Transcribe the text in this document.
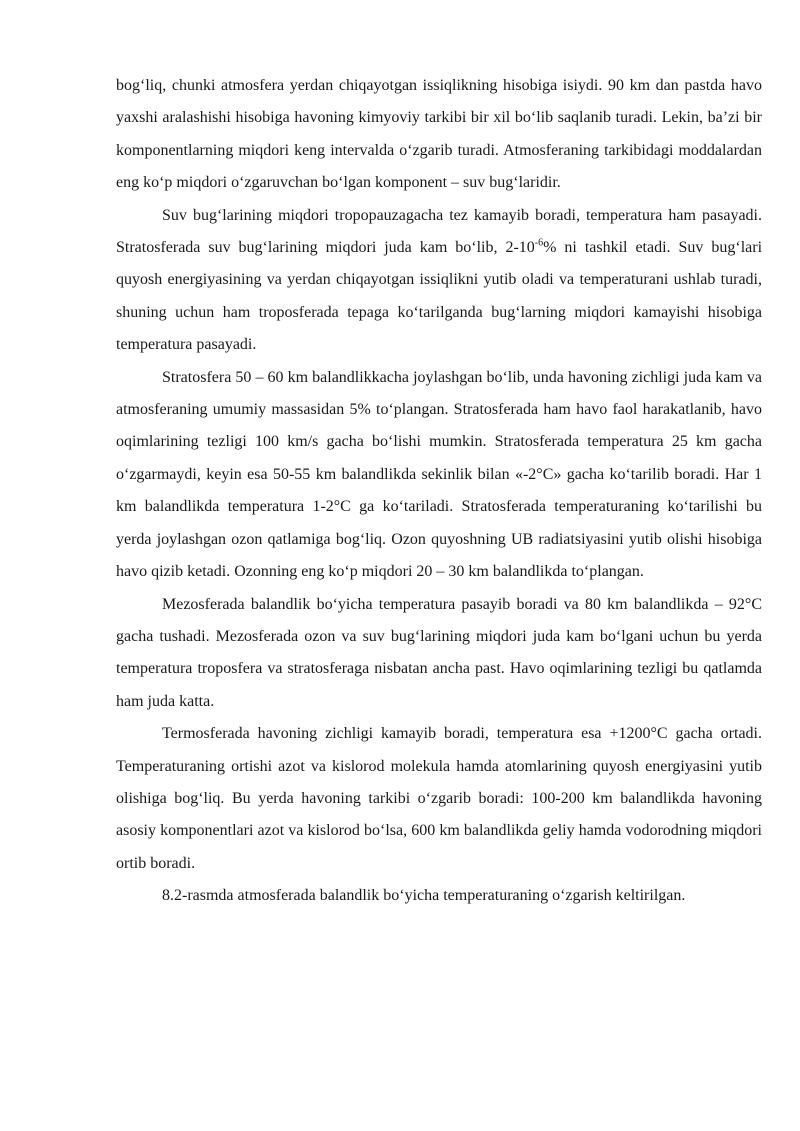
bog‘liq, chunki atmosfera yerdan chiqayotgan issiqlikning hisobiga isiydi. 90 km dan pastda havo yaxshi aralashishi hisobiga havoning kimyoviy tarkibi bir xil bo‘lib saqlanib turadi. Lekin, ba’zi bir komponentlarning miqdori keng intervalda o‘zgarib turadi. Atmosferaning tarkibidagi moddalardan eng ko‘p miqdori o‘zgaruvchan bo‘lgan komponent – suv bug‘laridir.

Suv bug‘larining miqdori tropopauzagacha tez kamayib boradi, temperatura ham pasayadi. Stratosferada suv bug‘larining miqdori juda kam bo‘lib, $2-10^{-6}\%$ ni tashkil etadi. Suv bug‘lari quyosh energiyasining va yerdan chiqayotgan issiqlikni yutib oladi va temperaturani ushlab turadi, shuning uchun ham troposferada tepaga ko‘tarilganda bug‘larning miqdori kamayishi hisobiga temperatura pasayadi.

Stratosfera 50 – 60 km balandlikkacha joylashgan bo‘lib, unda havoning zichligi juda kam va atmosferaning umumiy massasidan 5% to‘plangan. Stratosferada ham havo faol harakatlanib, havo oqimlarining tezligi 100 km/s gacha bo‘lishi mumkin. Stratosferada temperatura 25 km gacha o‘zgarmaydi, keyin esa 50-55 km balandlikda sekinlik bilan «-2°C» gacha ko‘tarilib boradi. Har 1 km balandlikda temperatura 1-2°C ga ko‘tariladi. Stratosferada temperaturaning ko‘tarilishi bu yerda joylashgan ozon qatlamiga bog‘liq. Ozon quyoshning UB radiatsiyasini yutib olishi hisobiga havo qizib ketadi. Ozonning eng ko‘p miqdori 20 – 30 km balandlikda to‘plangan.

Mezosferada balandlik bo‘yicha temperatura pasayib boradi va 80 km balandlikda – 92°C gacha tushadi. Mezosferada ozon va suv bug‘larining miqdori juda kam bo‘lgani uchun bu yerda temperatura troposfera va stratosferaga nisbatan ancha past. Havo oqimlarining tezligi bu qatlamda ham juda katta.

Termosferada havoning zichligi kamayib boradi, temperatura esa +1200°C gacha ortadi. Temperaturaning ortishi azot va kislorod molekula hamda atomlarining quyosh energiyasini yutib olishiga bog‘liq. Bu yerda havoning tarkibi o‘zgarib boradi: 100-200 km balandlikda havoning asosiy komponentlari azot va kislorod bo‘lsa, 600 km balandlikda geliy hamda vodorodning miqdori ortib boradi.

8.2-rasmda atmosferada balandlik bo‘yicha temperaturaning o‘zgarish keltirilgan.
